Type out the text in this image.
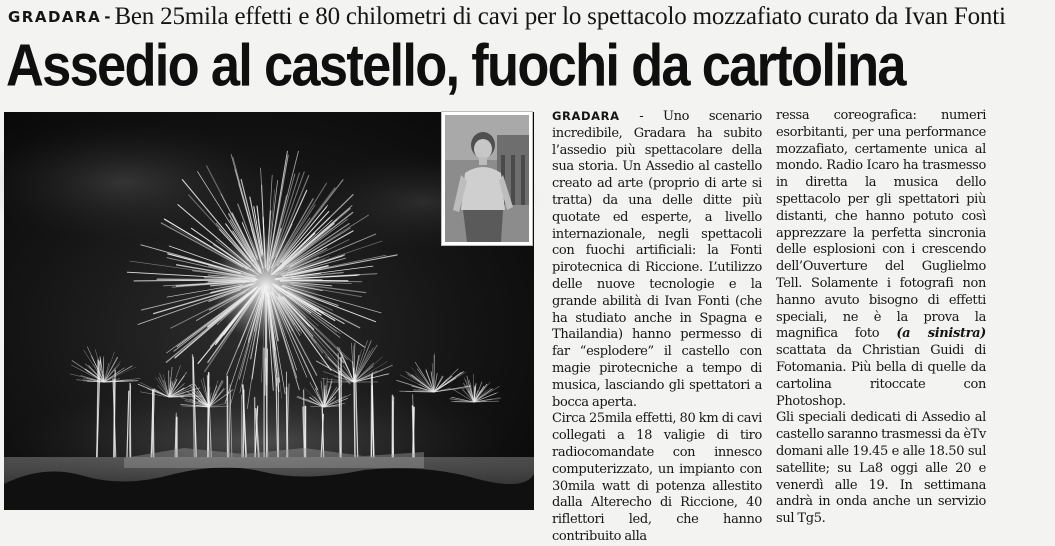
GRADARA - Ben 25mila effetti e 80 chilometri di cavi per lo spettacolo mozzafiato curato da Ivan Fonti
Assedio al castello, fuochi da cartolina

GRADARA - Uno scenario incredibile, Gradara ha subito l’assedio più spettacolare della sua storia. Un Assedio al castello creato ad arte (proprio di arte si tratta) da una delle ditte più quotate ed esperte, a livello internazionale, negli spettacoli con fuochi artificiali: la Fonti pirotecnica di Riccione. L’utilizzo delle nuove tecnologie e la grande abilità di Ivan Fonti (che ha studiato anche in Spagna e Thailandia) hanno permesso di far “esplodere” il castello con magie pirotecniche a tempo di musica, lasciando gli spettatori a bocca aperta.

Circa 25mila effetti, 80 km di cavi collegati a 18 valigie di tiro radiocomandate con innesco computerizzato, un impianto con 30mila watt di potenza allestito dalla Alterecho di Riccione, 40 riflettori led, che hanno contribuito alla

ressa coreografica: numeri esorbitanti, per una performance mozzafiato, certamente unica al mondo. Radio Icaro ha trasmesso in diretta la musica dello spettacolo per gli spettatori più distanti, che hanno potuto così apprezzare la perfetta sincronia delle esplosioni con i crescendo dell’Ouverture del Guglielmo Tell. Solamente i fotografi non hanno avuto bisogno di effetti speciali, ne è la prova la magnifica foto (a sinistra) scattata da Christian Guidi di Fotomania. Più bella di quelle da cartolina ritoccate con Photoshop.

Gli speciali dedicati di Assedio al castello saranno trasmessi da èTv domani alle 19.45 e alle 18.50 sul satellite; su La8 oggi alle 20 e venerdì alle 19. In settimana andrà in onda anche un servizio sul Tg5.
